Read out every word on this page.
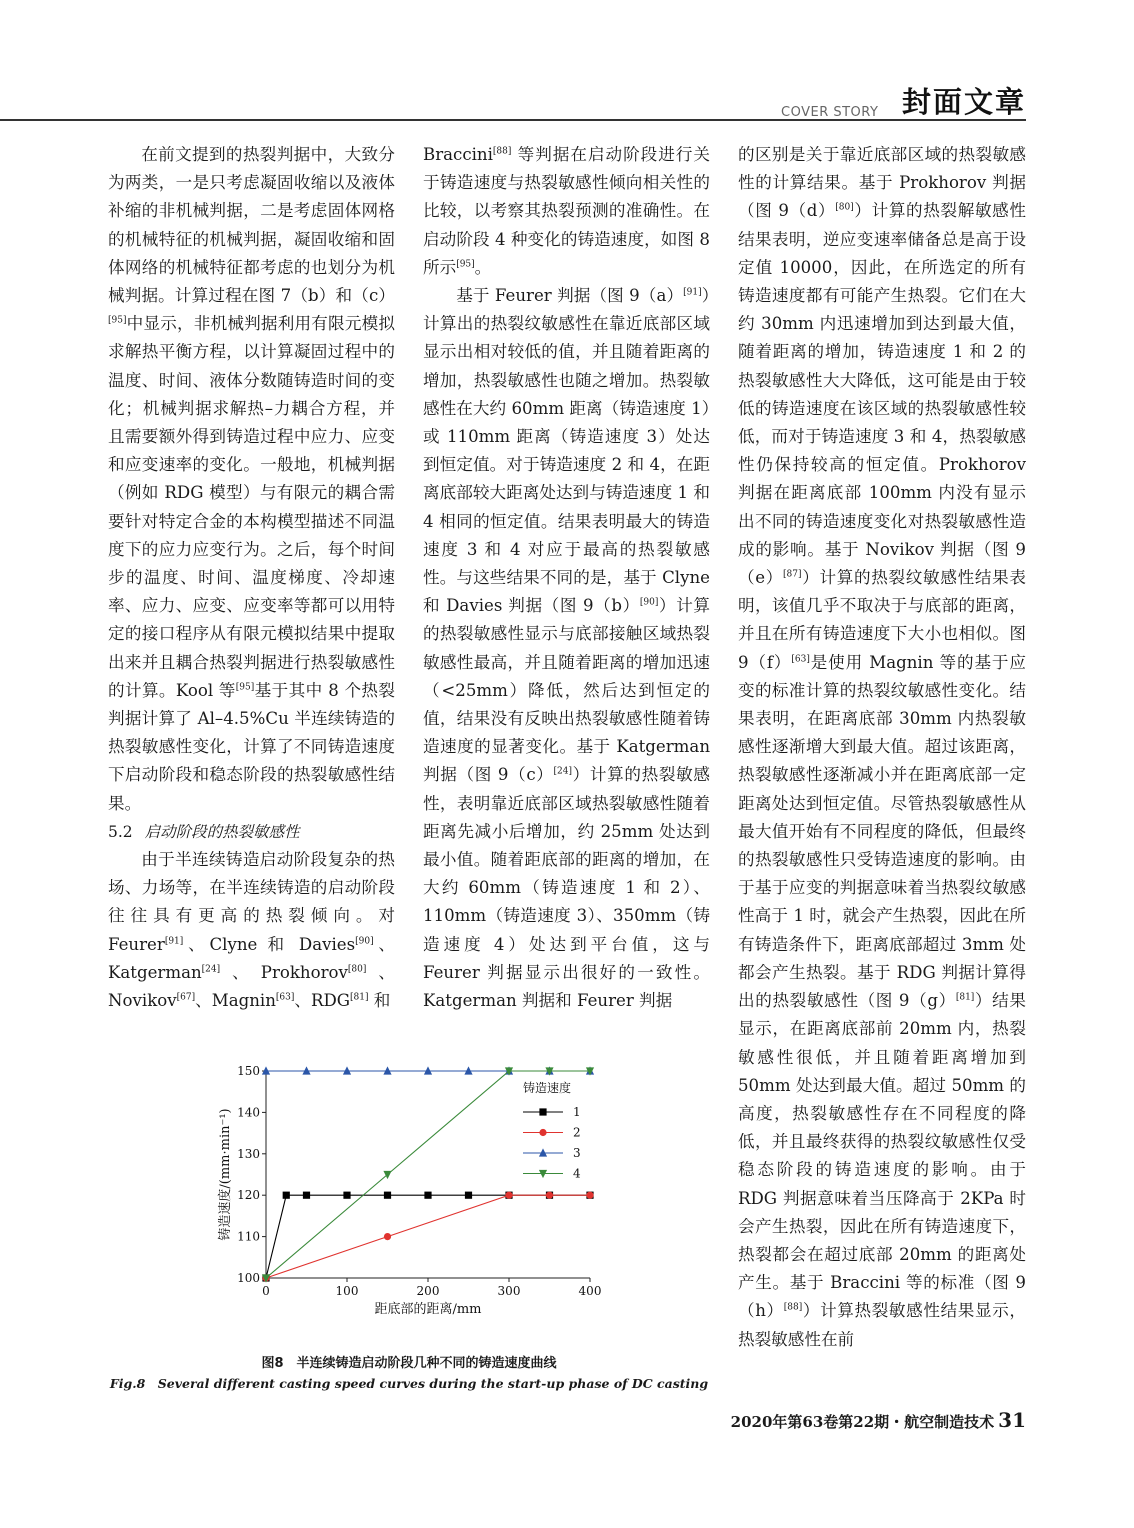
COVER STORY 封面文章

在前文提到的热裂判据中，大致分为两类，一是只考虑凝固收缩以及液体补缩的非机械判据，二是考虑固体网格的机械特征的机械判据，凝固收缩和固体网络的机械特征都考虑的也划分为机械判据。计算过程在图 7（b）和（c）[95]中显示，非机械判据利用有限元模拟求解热平衡方程，以计算凝固过程中的温度、时间、液体分数随铸造时间的变化；机械判据求解热–力耦合方程，并且需要额外得到铸造过程中应力、应变和应变速率的变化。一般地，机械判据（例如 RDG 模型）与有限元的耦合需要针对特定合金的本构模型描述不同温度下的应力应变行为。之后，每个时间步的温度、时间、温度梯度、冷却速率、应力、应变、应变率等都可以用特定的接口程序从有限元模拟结果中提取出来并且耦合热裂判据进行热裂敏感性的计算。Kool 等[95]基于其中 8 个热裂判据计算了 Al–4.5%Cu 半连续铸造的热裂敏感性变化，计算了不同铸造速度下启动阶段和稳态阶段的热裂敏感性结果。

5.2 启动阶段的热裂敏感性

由于半连续铸造启动阶段复杂的热场、力场等，在半连续铸造的启动阶段往往具有更高的热裂倾向。对 Feurer[91]、Clyne 和 Davies[90]、Katgerman[24]、Prokhorov[80]、Novikov[67]、Magnin[63]、RDG[81] 和

Braccini[88] 等判据在启动阶段进行关于铸造速度与热裂敏感性倾向相关性的比较，以考察其热裂预测的准确性。在启动阶段 4 种变化的铸造速度，如图 8 所示[95]。

基于 Feurer 判据（图 9（a）[91]）计算出的热裂纹敏感性在靠近底部区域显示出相对较低的值，并且随着距离的增加，热裂敏感性也随之增加。热裂敏感性在大约 60mm 距离（铸造速度 1）或 110mm 距离（铸造速度 3）处达到恒定值。对于铸造速度 2 和 4，在距离底部较大距离处达到与铸造速度 1 和 4 相同的恒定值。结果表明最大的铸造速度 3 和 4 对应于最高的热裂敏感性。与这些结果不同的是，基于 Clyne 和 Davies 判据（图 9（b）[90]）计算的热裂敏感性显示与底部接触区域热裂敏感性最高，并且随着距离的增加迅速（<25mm）降低，然后达到恒定的值，结果没有反映出热裂敏感性随着铸造速度的显著变化。基于 Katgerman 判据（图 9（c）[24]）计算的热裂敏感性，表明靠近底部区域热裂敏感性随着距离先减小后增加，约 25mm 处达到最小值。随着距底部的距离的增加，在大约 60mm（铸造速度 1 和 2）、110mm（铸造速度 3）、350mm（铸造速度 4）处达到平台值，这与 Feurer 判据显示出很好的一致性。Katgerman 判据和 Feurer 判据

的区别是关于靠近底部区域的热裂敏感性的计算结果。基于 Prokhorov 判据（图 9（d）[80]）计算的热裂解敏感性结果表明，逆应变速率储备总是高于设定值 10000，因此，在所选定的所有铸造速度都有可能产生热裂。它们在大约 30mm 内迅速增加到达到最大值，随着距离的增加，铸造速度 1 和 2 的热裂敏感性大大降低，这可能是由于较低的铸造速度在该区域的热裂敏感性较低，而对于铸造速度 3 和 4，热裂敏感性仍保持较高的恒定值。Prokhorov 判据在距离底部 100mm 内没有显示出不同的铸造速度变化对热裂敏感性造成的影响。基于 Novikov 判据（图 9（e）[87]）计算的热裂纹敏感性结果表明，该值几乎不取决于与底部的距离，并且在所有铸造速度下大小也相似。图 9（f）[63]是使用 Magnin 等的基于应变的标准计算的热裂纹敏感性变化。结果表明，在距离底部 30mm 内热裂敏感性逐渐增大到最大值。超过该距离，热裂敏感性逐渐减小并在距离底部一定距离处达到恒定值。尽管热裂敏感性从最大值开始有不同程度的降低，但最终的热裂敏感性只受铸造速度的影响。由于基于应变的判据意味着当热裂纹敏感性高于 1 时，就会产生热裂，因此在所有铸造条件下，距离底部超过 3mm 处都会产生热裂。基于 RDG 判据计算得出的热裂敏感性（图 9（g）[81]）结果显示，在距离底部前 20mm 内，热裂敏感性很低，并且随着距离增加到 50mm 处达到最大值。超过 50mm 的高度，热裂敏感性存在不同程度的降低，并且最终获得的热裂纹敏感性仅受稳态阶段的铸造速度的影响。由于 RDG 判据意味着当压降高于 2KPa 时会产生热裂，因此在所有铸造速度下，热裂都会在超过底部 20mm 的距离处产生。基于 Braccini 等的标准（图 9（h）[88]）计算热裂敏感性结果显示，热裂敏感性在前

0	100	200	300	400
100
110
120
130
140
150
距底部的距离/mm
铸造速度/(mm·min⁻¹)
铸造速度
1
2
3
4
图8　半连续铸造启动阶段几种不同的铸造速度曲线
Fig.8　Several different casting speed curves during the start-up phase of DC casting
2020年第63卷第22期・航空制造技术 31
